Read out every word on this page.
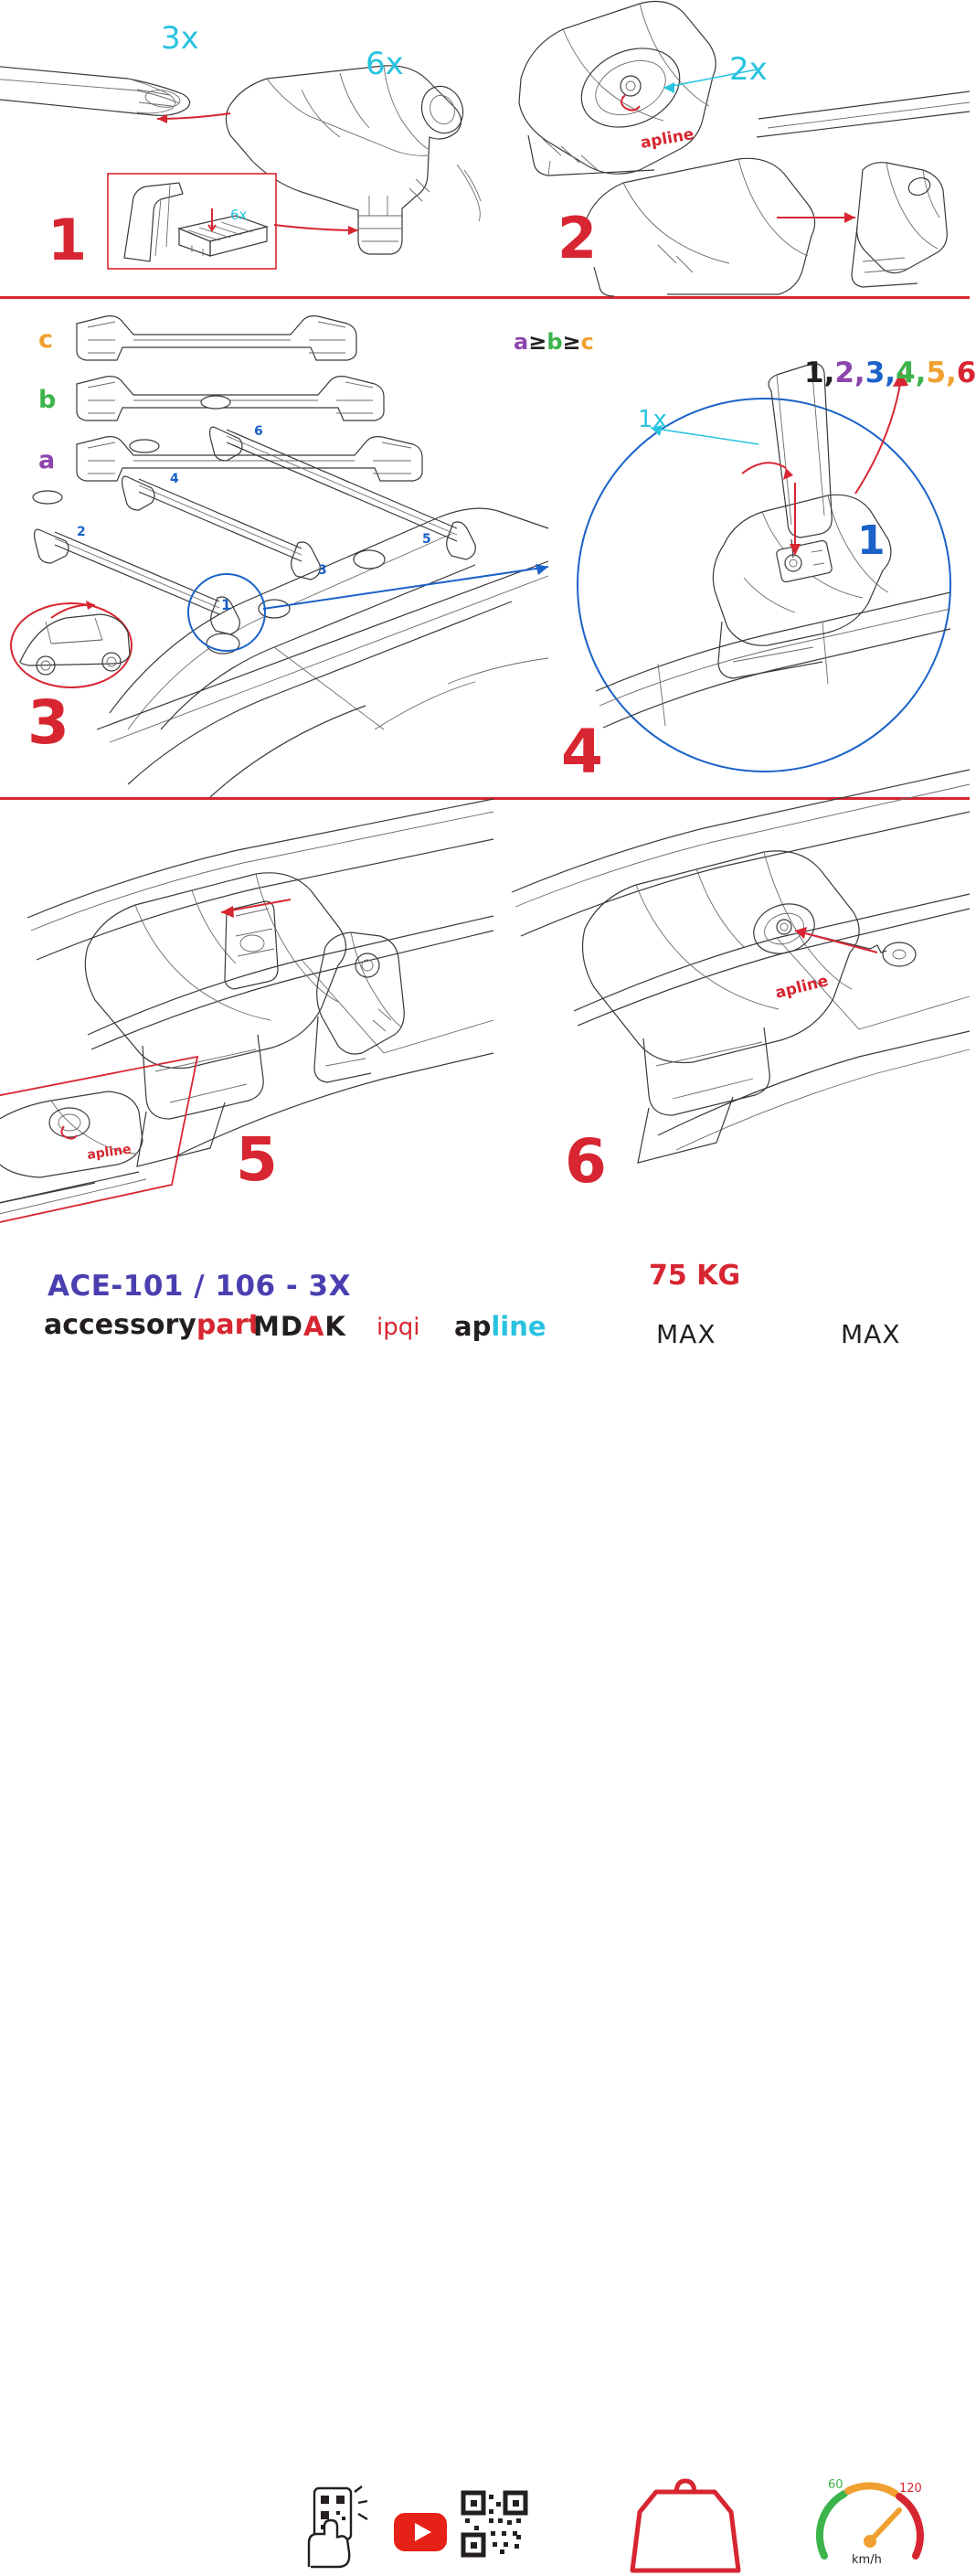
3x
6x
6x
1
apline
2x
2
c
b
a
2
4
6
3
5
1
3
a≥b≥c
1x
1
4
1,2,3,4,5,6
apline 5
apline
6
60	120
km/h
ACE-101 / 106 - 3X
accessorypart
MDAK ipqi apline
75 KG
MAX	MAX
